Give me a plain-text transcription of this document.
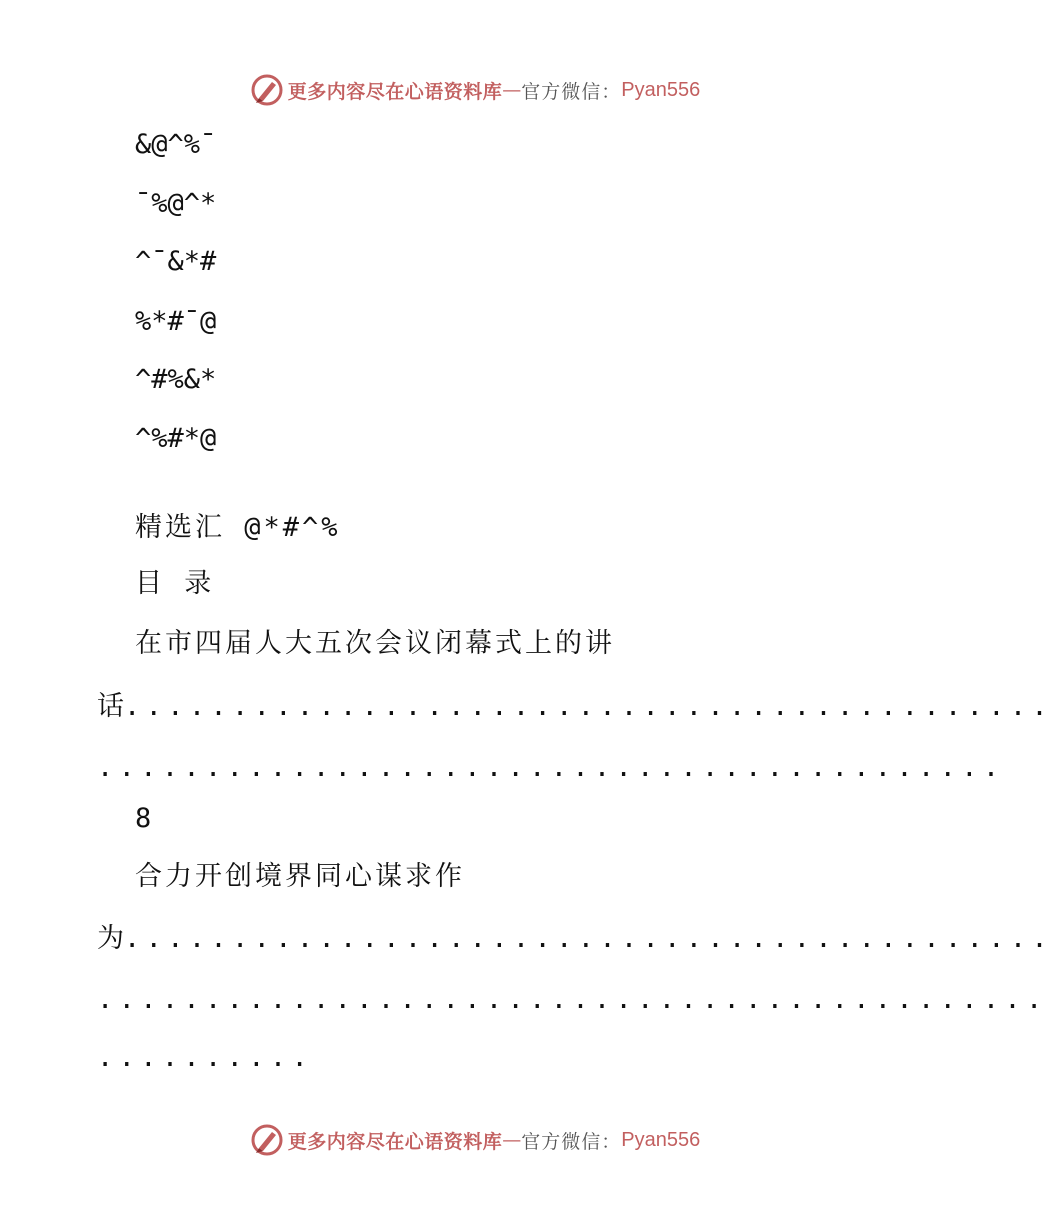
更多内容尽在心语资料库 — 官方微信： Pyan556
&@^%¯
¯%@^*
^¯&*#
%*#¯@
^#%&*
^%#*@
精选汇 @*#^%
目 录
在市四届人大五次会议闭幕式上的讲
话...........................................
..........................................
8
合力开创境界同心谋求作
为...........................................
............................................
..........
更多内容尽在心语资料库 — 官方微信： Pyan556
